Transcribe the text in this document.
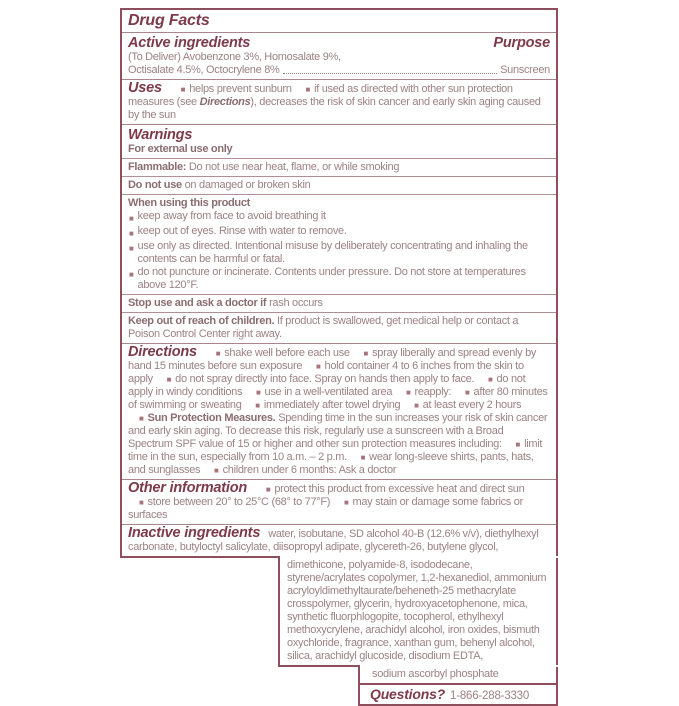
Drug Facts
Active ingredients	Purpose
(To Deliver) Avobenzone 3%, Homosalate 9%,
Octisalate 4.5%, Octocrylene 8%	Sunscreen

Uses ■ helps prevent sunburn ■ if used as directed with other sun protection measures (see Directions), decreases the risk of skin cancer and early skin aging caused by the sun

Warnings
For external use only
Flammable: Do not use near heat, flame, or while smoking
Do not use on damaged or broken skin
When using this product
■ keep away from face to avoid breathing it
■ keep out of eyes. Rinse with water to remove.
■ use only as directed. Intentional misuse by deliberately concentrating and inhaling the contents can be harmful or fatal.
■ do not puncture or incinerate. Contents under pressure. Do not store at temperatures above 120°F.
Stop use and ask a doctor if rash occurs
Keep out of reach of children. If product is swallowed, get medical help or contact a Poison Control Center right away.

Directions ■ shake well before each use ■ spray liberally and spread evenly by hand 15 minutes before sun exposure ■ hold container 4 to 6 inches from the skin to apply ■ do not spray directly into face. Spray on hands then apply to face. ■ do not apply in windy conditions ■ use in a well-ventilated area ■ reapply: ■ after 80 minutes of swimming or sweating ■ immediately after towel drying ■ at least every 2 hours ■ Sun Protection Measures. Spending time in the sun increases your risk of skin cancer and early skin aging. To decrease this risk, regularly use a sunscreen with a Broad Spectrum SPF value of 15 or higher and other sun protection measures including: ■ limit time in the sun, especially from 10 a.m. – 2 p.m. ■ wear long-sleeve shirts, pants, hats, and sunglasses ■ children under 6 months: Ask a doctor

Other information ■ protect this product from excessive heat and direct sun ■ store between 20° to 25°C (68° to 77°F) ■ may stain or damage some fabrics or surfaces

Inactive ingredients water, isobutane, SD alcohol 40-B (12.6% v/v), diethylhexyl carbonate, butyloctyl salicylate, diisopropyl adipate, glycereth-26, butylene glycol,

dimethicone, polyamide-8, isododecane, styrene/acrylates copolymer, 1,2-hexanediol, ammonium acryloyldimethyltaurate/beheneth-25 methacrylate crosspolymer, glycerin, hydroxyacetophenone, mica, synthetic fluorphlogopite, tocopherol, ethylhexyl methoxycrylene, arachidyl alcohol, iron oxides, bismuth oxychloride, fragrance, xanthan gum, behenyl alcohol, silica, arachidyl glucoside, disodium EDTA,

sodium ascorbyl phosphate
Questions? 1-866-288-3330
